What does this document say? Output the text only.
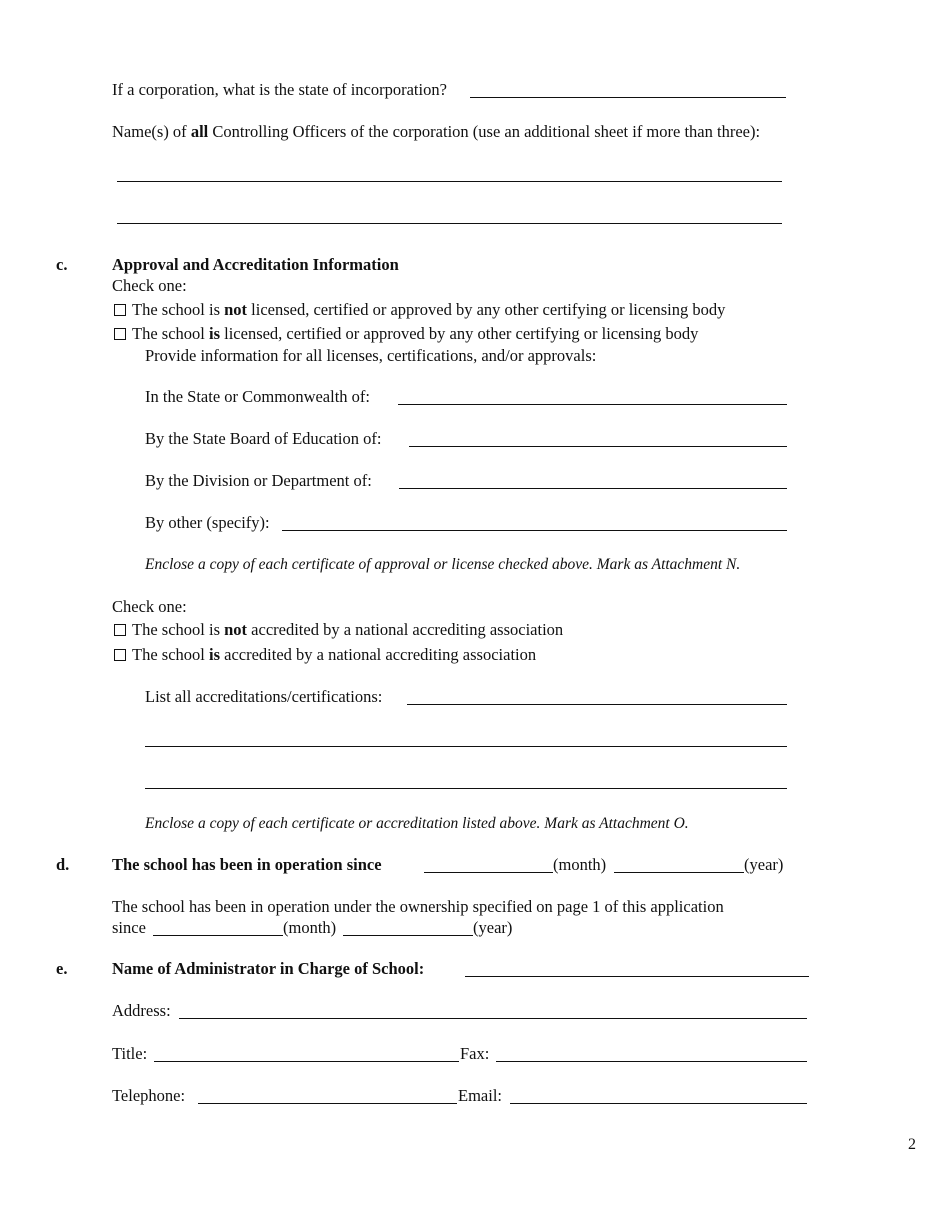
If a corporation, what is the state of incorporation?
Name(s) of all Controlling Officers of the corporation (use an additional sheet if more than three):
c.	Approval and Accreditation Information
Check one:
The school is not licensed, certified or approved by any other certifying or licensing body
The school is licensed, certified or approved by any other certifying or licensing body
Provide information for all licenses, certifications, and/or approvals:
In the State or Commonwealth of:
By the State Board of Education of:
By the Division or Department of:
By other (specify):
Enclose a copy of each certificate of approval or license checked above. Mark as Attachment N.
Check one:
The school is not accredited by a national accrediting association
The school is accredited by a national accrediting association
List all accreditations/certifications:
Enclose a copy of each certificate or accreditation listed above. Mark as Attachment O.
d.	The school has been in operation since	(month)	(year)
The school has been in operation under the ownership specified on page 1 of this application
since	(month)	(year)
e.	Name of Administrator in Charge of School:
Address:
Title:	Fax:
Telephone:	Email:
2
